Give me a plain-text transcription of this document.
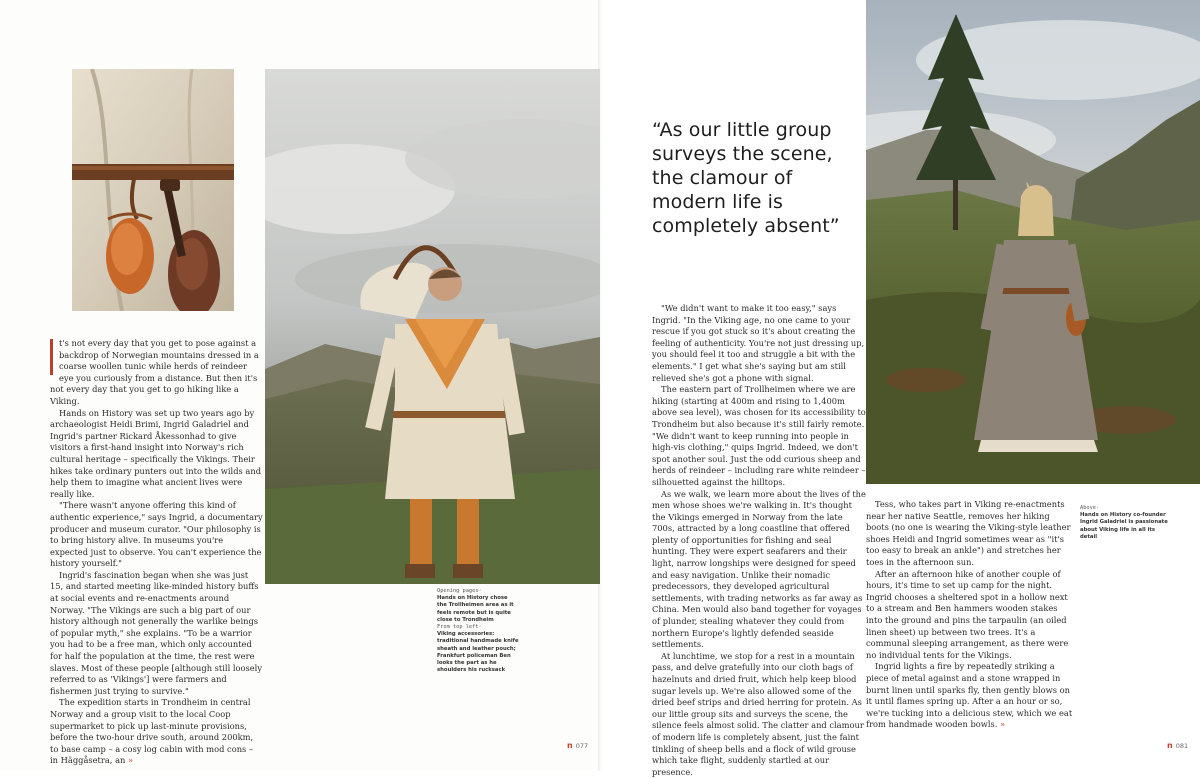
t's not every day that you get to pose against a backdrop of Norwegian mountains dressed in a coarse woollen tunic while herds of reindeer eye you curiously from a distance. But then it's not every day that you get to go hiking like a Viking.

Hands on History was set up two years ago by archaeologist Heidi Brimi, Ingrid Galadriel and Ingrid's partner Rickard Åkessonhad to give visitors a first-hand insight into Norway's rich cultural heritage – specifically the Vikings. Their hikes take ordinary punters out into the wilds and help them to imagine what ancient lives were really like.

"There wasn't anyone offering this kind of authentic experience," says Ingrid, a documentary producer and museum curator. "Our philosophy is to bring history alive. In museums you're expected just to observe. You can't experience the history yourself."

Ingrid's fascination began when she was just 15, and started meeting like-minded history buffs at social events and re-enactments around Norway. "The Vikings are such a big part of our history although not generally the warlike beings of popular myth," she explains. "To be a warrior you had to be a free man, which only accounted for half the population at the time, the rest were slaves. Most of these people [although still loosely referred to as 'Vikings'] were farmers and fishermen just trying to survive."

The expedition starts in Trondheim in central Norway and a group visit to the local Coop supermarket to pick up last-minute provisions, before the two-hour drive south, around 200km, to base camp – a cosy log cabin with mod cons – in Häggåsetra, an »

Opening pages·
Hands on History chose the Trollheimen area as it feels remote but is quite close to Trondheim
From top left·
Viking accessories: traditional handmade knife sheath and leather pouch; Frankfurt policeman Ben looks the part as he shoulders his rucksack
“As our little group surveys the scene, the clamour of modern life is completely absent”

"We didn't want to make it too easy," says Ingrid. "In the Viking age, no one came to your rescue if you got stuck so it's about creating the feeling of authenticity. You're not just dressing up, you should feel it too and struggle a bit with the elements." I get what she's saying but am still relieved she's got a phone with signal.

The eastern part of Trollheimen where we are hiking (starting at 400m and rising to 1,400m above sea level), was chosen for its accessibility to Trondheim but also because it's still fairly remote. "We didn't want to keep running into people in high-vis clothing," quips Ingrid. Indeed, we don't spot another soul. Just the odd curious sheep and herds of reindeer – including rare white reindeer – silhouetted against the hilltops.

As we walk, we learn more about the lives of the men whose shoes we're walking in. It's thought the Vikings emerged in Norway from the late 700s, attracted by a long coastline that offered plenty of opportunities for fishing and seal hunting. They were expert seafarers and their light, narrow longships were designed for speed and easy navigation. Unlike their nomadic predecessors, they developed agricultural settlements, with trading networks as far away as China. Men would also band together for voyages of plunder, stealing whatever they could from northern Europe's lightly defended seaside settlements.

At lunchtime, we stop for a rest in a mountain pass, and delve gratefully into our cloth bags of hazelnuts and dried fruit, which help keep blood sugar levels up. We're also allowed some of the dried beef strips and dried herring for protein. As our little group sits and surveys the scene, the silence feels almost solid. The clatter and clamour of modern life is completely absent, just the faint tinkling of sheep bells and a flock of wild grouse which take flight, suddenly startled at our presence.

Tess, who takes part in Viking re-enactments near her native Seattle, removes her hiking boots (no one is wearing the Viking-style leather shoes Heidi and Ingrid sometimes wear as "it's too easy to break an ankle") and stretches her toes in the afternoon sun.

After an afternoon hike of another couple of hours, it's time to set up camp for the night. Ingrid chooses a sheltered spot in a hollow next to a stream and Ben hammers wooden stakes into the ground and pins the tarpaulin (an oiled linen sheet) up between two trees. It's a communal sleeping arrangement, as there were no individual tents for the Vikings.

Ingrid lights a fire by repeatedly striking a piece of metal against and a stone wrapped in burnt linen until sparks fly, then gently blows on it until flames spring up. After a an hour or so, we're tucking into a delicious stew, which we eat from handmade wooden bowls. »

Above·
Hands on History co-founder Ingrid Galadriel is passionate about Viking life in all its detail
n 077	n 081
